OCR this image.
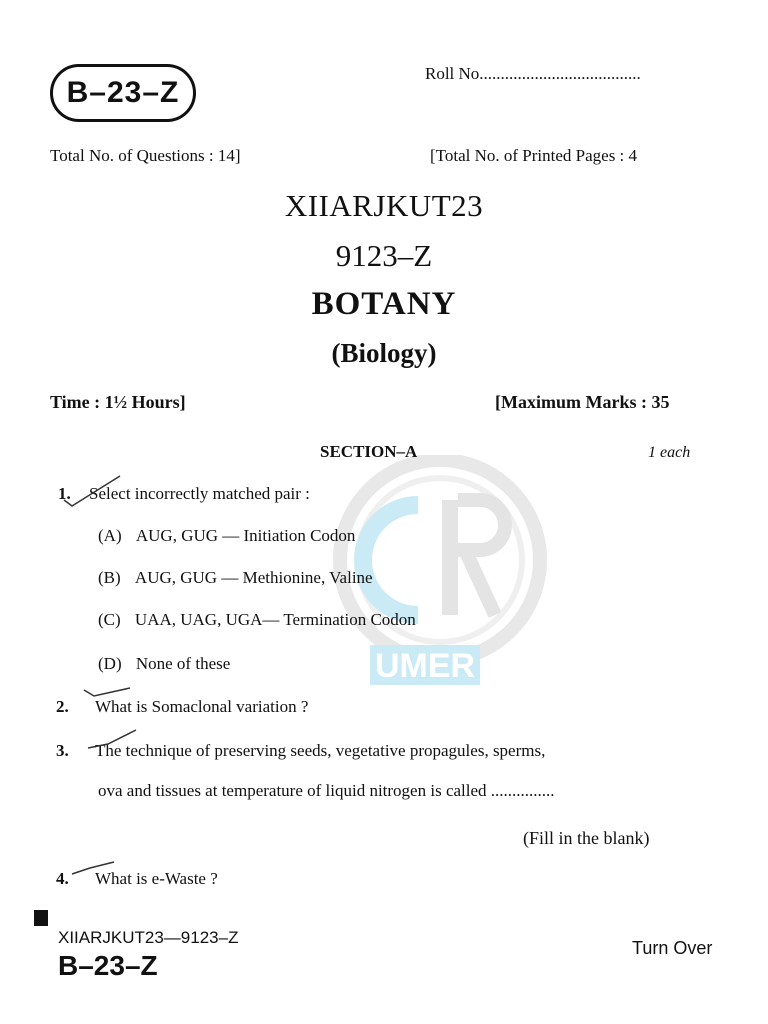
UMER
B–23–Z
Roll No......................................
Total No. of Questions : 14]	[Total No. of Printed Pages : 4
XIIARJKUT23
9123–Z
BOTANY
(Biology)
Time : 1½ Hours]	[Maximum Marks : 35
SECTION–A	1 each
1. Select incorrectly matched pair :
(A) AUG, GUG — Initiation Codon
(B) AUG, GUG — Methionine, Valine
(C) UAA, UAG, UGA— Termination Codon
(D) None of these
2. What is Somaclonal variation ?
3. The technique of preserving seeds, vegetative propagules, sperms,
ova and tissues at temperature of liquid nitrogen is called ...............
(Fill in the blank)
4. What is e-Waste ?
XIIARJKUT23—9123–Z
B–23–Z
Turn Over
